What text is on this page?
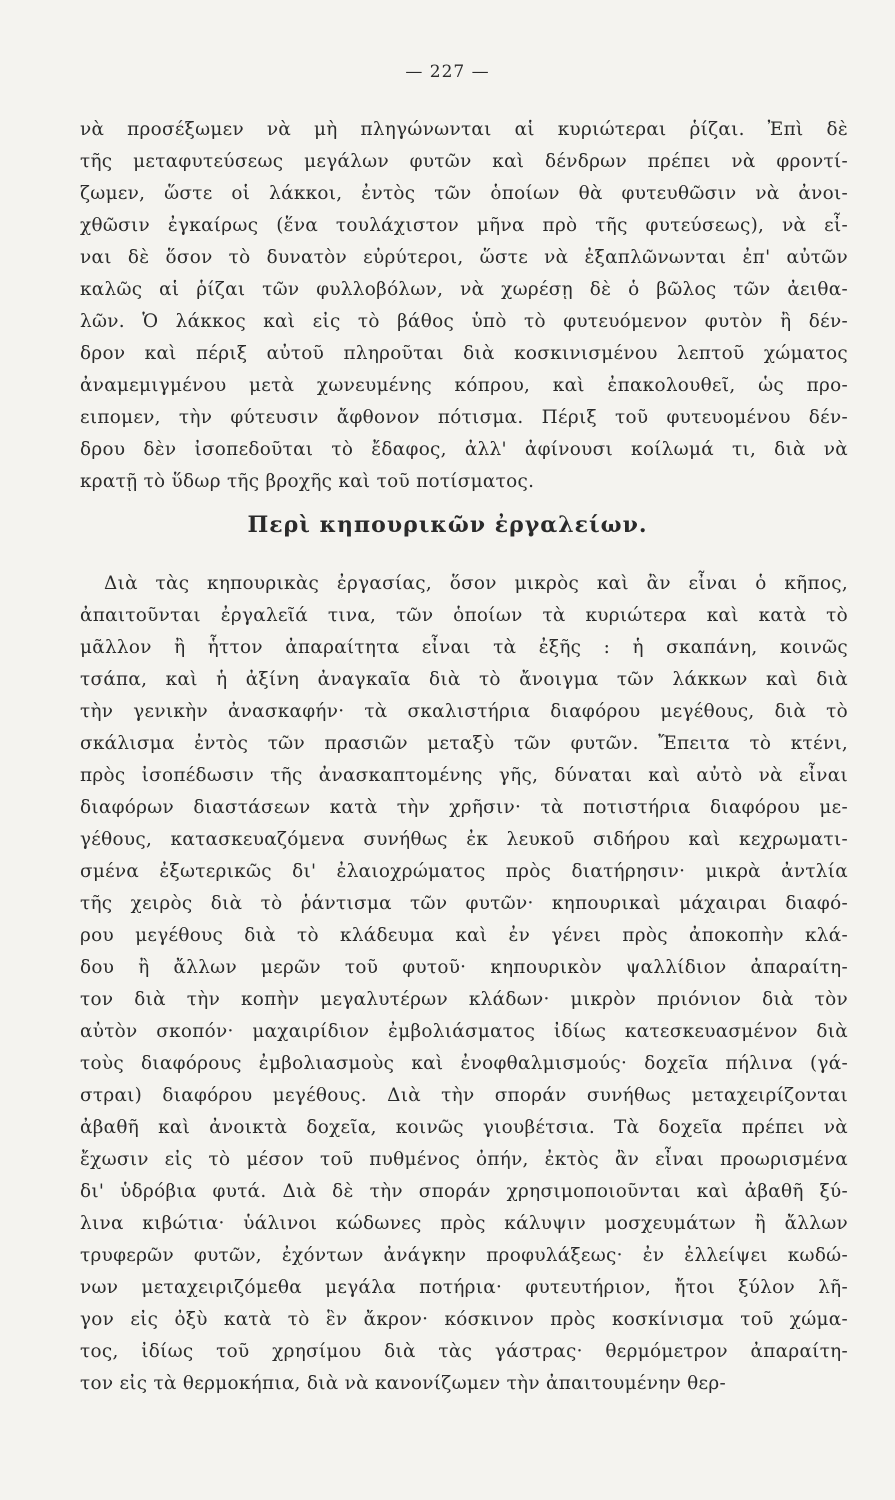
— 227 —
νὰ προσέξωμεν νὰ μὴ πληγώνωνται αἱ κυριώτεραι ῥίζαι. Ἐπὶ δὲ
τῆς μεταφυτεύσεως μεγάλων φυτῶν καὶ δένδρων πρέπει νὰ φροντί-
ζωμεν, ὥστε οἱ λάκκοι, ἐντὸς τῶν ὁποίων θὰ φυτευθῶσιν νὰ ἀνοι-
χθῶσιν ἐγκαίρως (ἕνα τουλάχιστον μῆνα πρὸ τῆς φυτεύσεως), νὰ εἶ-
ναι δὲ ὅσον τὸ δυνατὸν εὐρύτεροι, ὥστε νὰ ἐξαπλῶνωνται ἐπ' αὐτῶν
καλῶς αἱ ῥίζαι τῶν φυλλοβόλων, νὰ χωρέσῃ δὲ ὁ βῶλος τῶν ἀειθα-
λῶν. Ὁ λάκκος καὶ εἰς τὸ βάθος ὑπὸ τὸ φυτευόμενον φυτὸν ἢ δέν-
δρον καὶ πέριξ αὐτοῦ πληροῦται διὰ κοσκινισμένου λεπτοῦ χώματος
ἀναμεμιγμένου μετὰ χωνευμένης κόπρου, καὶ ἐπακολουθεῖ, ὡς προ-
ειπομεν, τὴν φύτευσιν ἄφθονον πότισμα. Πέριξ τοῦ φυτευομένου δέν-
δρου δὲν ἰσοπεδοῦται τὸ ἔδαφος, ἀλλ' ἀφίνουσι κοίλωμά τι, διὰ νὰ
κρατῇ τὸ ὕδωρ τῆς βροχῆς καὶ τοῦ ποτίσματος.
Περὶ κηπουρικῶν ἐργαλείων.
Διὰ τὰς κηπουρικὰς ἐργασίας, ὅσον μικρὸς καὶ ἂν εἶναι ὁ κῆπος,
ἀπαιτοῦνται ἐργαλεῖά τινα, τῶν ὁποίων τὰ κυριώτερα καὶ κατὰ τὸ
μᾶλλον ἢ ἧττον ἀπαραίτητα εἶναι τὰ ἐξῆς : ἡ σκαπάνη, κοινῶς
τσάπα, καὶ ἡ ἀξίνη ἀναγκαῖα διὰ τὸ ἄνοιγμα τῶν λάκκων καὶ διὰ
τὴν γενικὴν ἀνασκαφήν· τὰ σκαλιστήρια διαφόρου μεγέθους, διὰ τὸ
σκάλισμα ἐντὸς τῶν πρασιῶν μεταξὺ τῶν φυτῶν. Ἔπειτα τὸ κτένι,
πρὸς ἰσοπέδωσιν τῆς ἀνασκαπτομένης γῆς, δύναται καὶ αὐτὸ νὰ εἶναι
διαφόρων διαστάσεων κατὰ τὴν χρῆσιν· τὰ ποτιστήρια διαφόρου με-
γέθους, κατασκευαζόμενα συνήθως ἐκ λευκοῦ σιδήρου καὶ κεχρωματι-
σμένα ἐξωτερικῶς δι' ἐλαιοχρώματος πρὸς διατήρησιν· μικρὰ ἀντλία
τῆς χειρὸς διὰ τὸ ῥάντισμα τῶν φυτῶν· κηπουρικαὶ μάχαιραι διαφό-
ρου μεγέθους διὰ τὸ κλάδευμα καὶ ἐν γένει πρὸς ἀποκοπὴν κλά-
δου ἢ ἄλλων μερῶν τοῦ φυτοῦ· κηπουρικὸν ψαλλίδιον ἀπαραίτη-
τον διὰ τὴν κοπὴν μεγαλυτέρων κλάδων· μικρὸν πριόνιον διὰ τὸν
αὐτὸν σκοπόν· μαχαιρίδιον ἐμβολιάσματος ἰδίως κατεσκευασμένον διὰ
τοὺς διαφόρους ἐμβολιασμοὺς καὶ ἐνοφθαλμισμούς· δοχεῖα πήλινα (γά-
στραι) διαφόρου μεγέθους. Διὰ τὴν σποράν συνήθως μεταχειρίζονται
ἀβαθῆ καὶ ἀνοικτὰ δοχεῖα, κοινῶς γιουβέτσια. Τὰ δοχεῖα πρέπει νὰ
ἔχωσιν εἰς τὸ μέσον τοῦ πυθμένος ὀπήν, ἐκτὸς ἂν εἶναι προωρισμένα
δι' ὑδρόβια φυτά. Διὰ δὲ τὴν σποράν χρησιμοποιοῦνται καὶ ἀβαθῆ ξύ-
λινα κιβώτια· ὑάλινοι κώδωνες πρὸς κάλυψιν μοσχευμάτων ἢ ἄλλων
τρυφερῶν φυτῶν, ἐχόντων ἀνάγκην προφυλάξεως· ἐν ἐλλείψει κωδώ-
νων μεταχειριζόμεθα μεγάλα ποτήρια· φυτευτήριον, ἤτοι ξύλον λῆ-
γον εἰς ὀξὺ κατὰ τὸ ἓν ἄκρον· κόσκινον πρὸς κοσκίνισμα τοῦ χώμα-
τος, ἰδίως τοῦ χρησίμου διὰ τὰς γάστρας· θερμόμετρον ἀπαραίτη-
τον εἰς τὰ θερμοκήπια, διὰ νὰ κανονίζωμεν τὴν ἀπαιτουμένην θερ-
